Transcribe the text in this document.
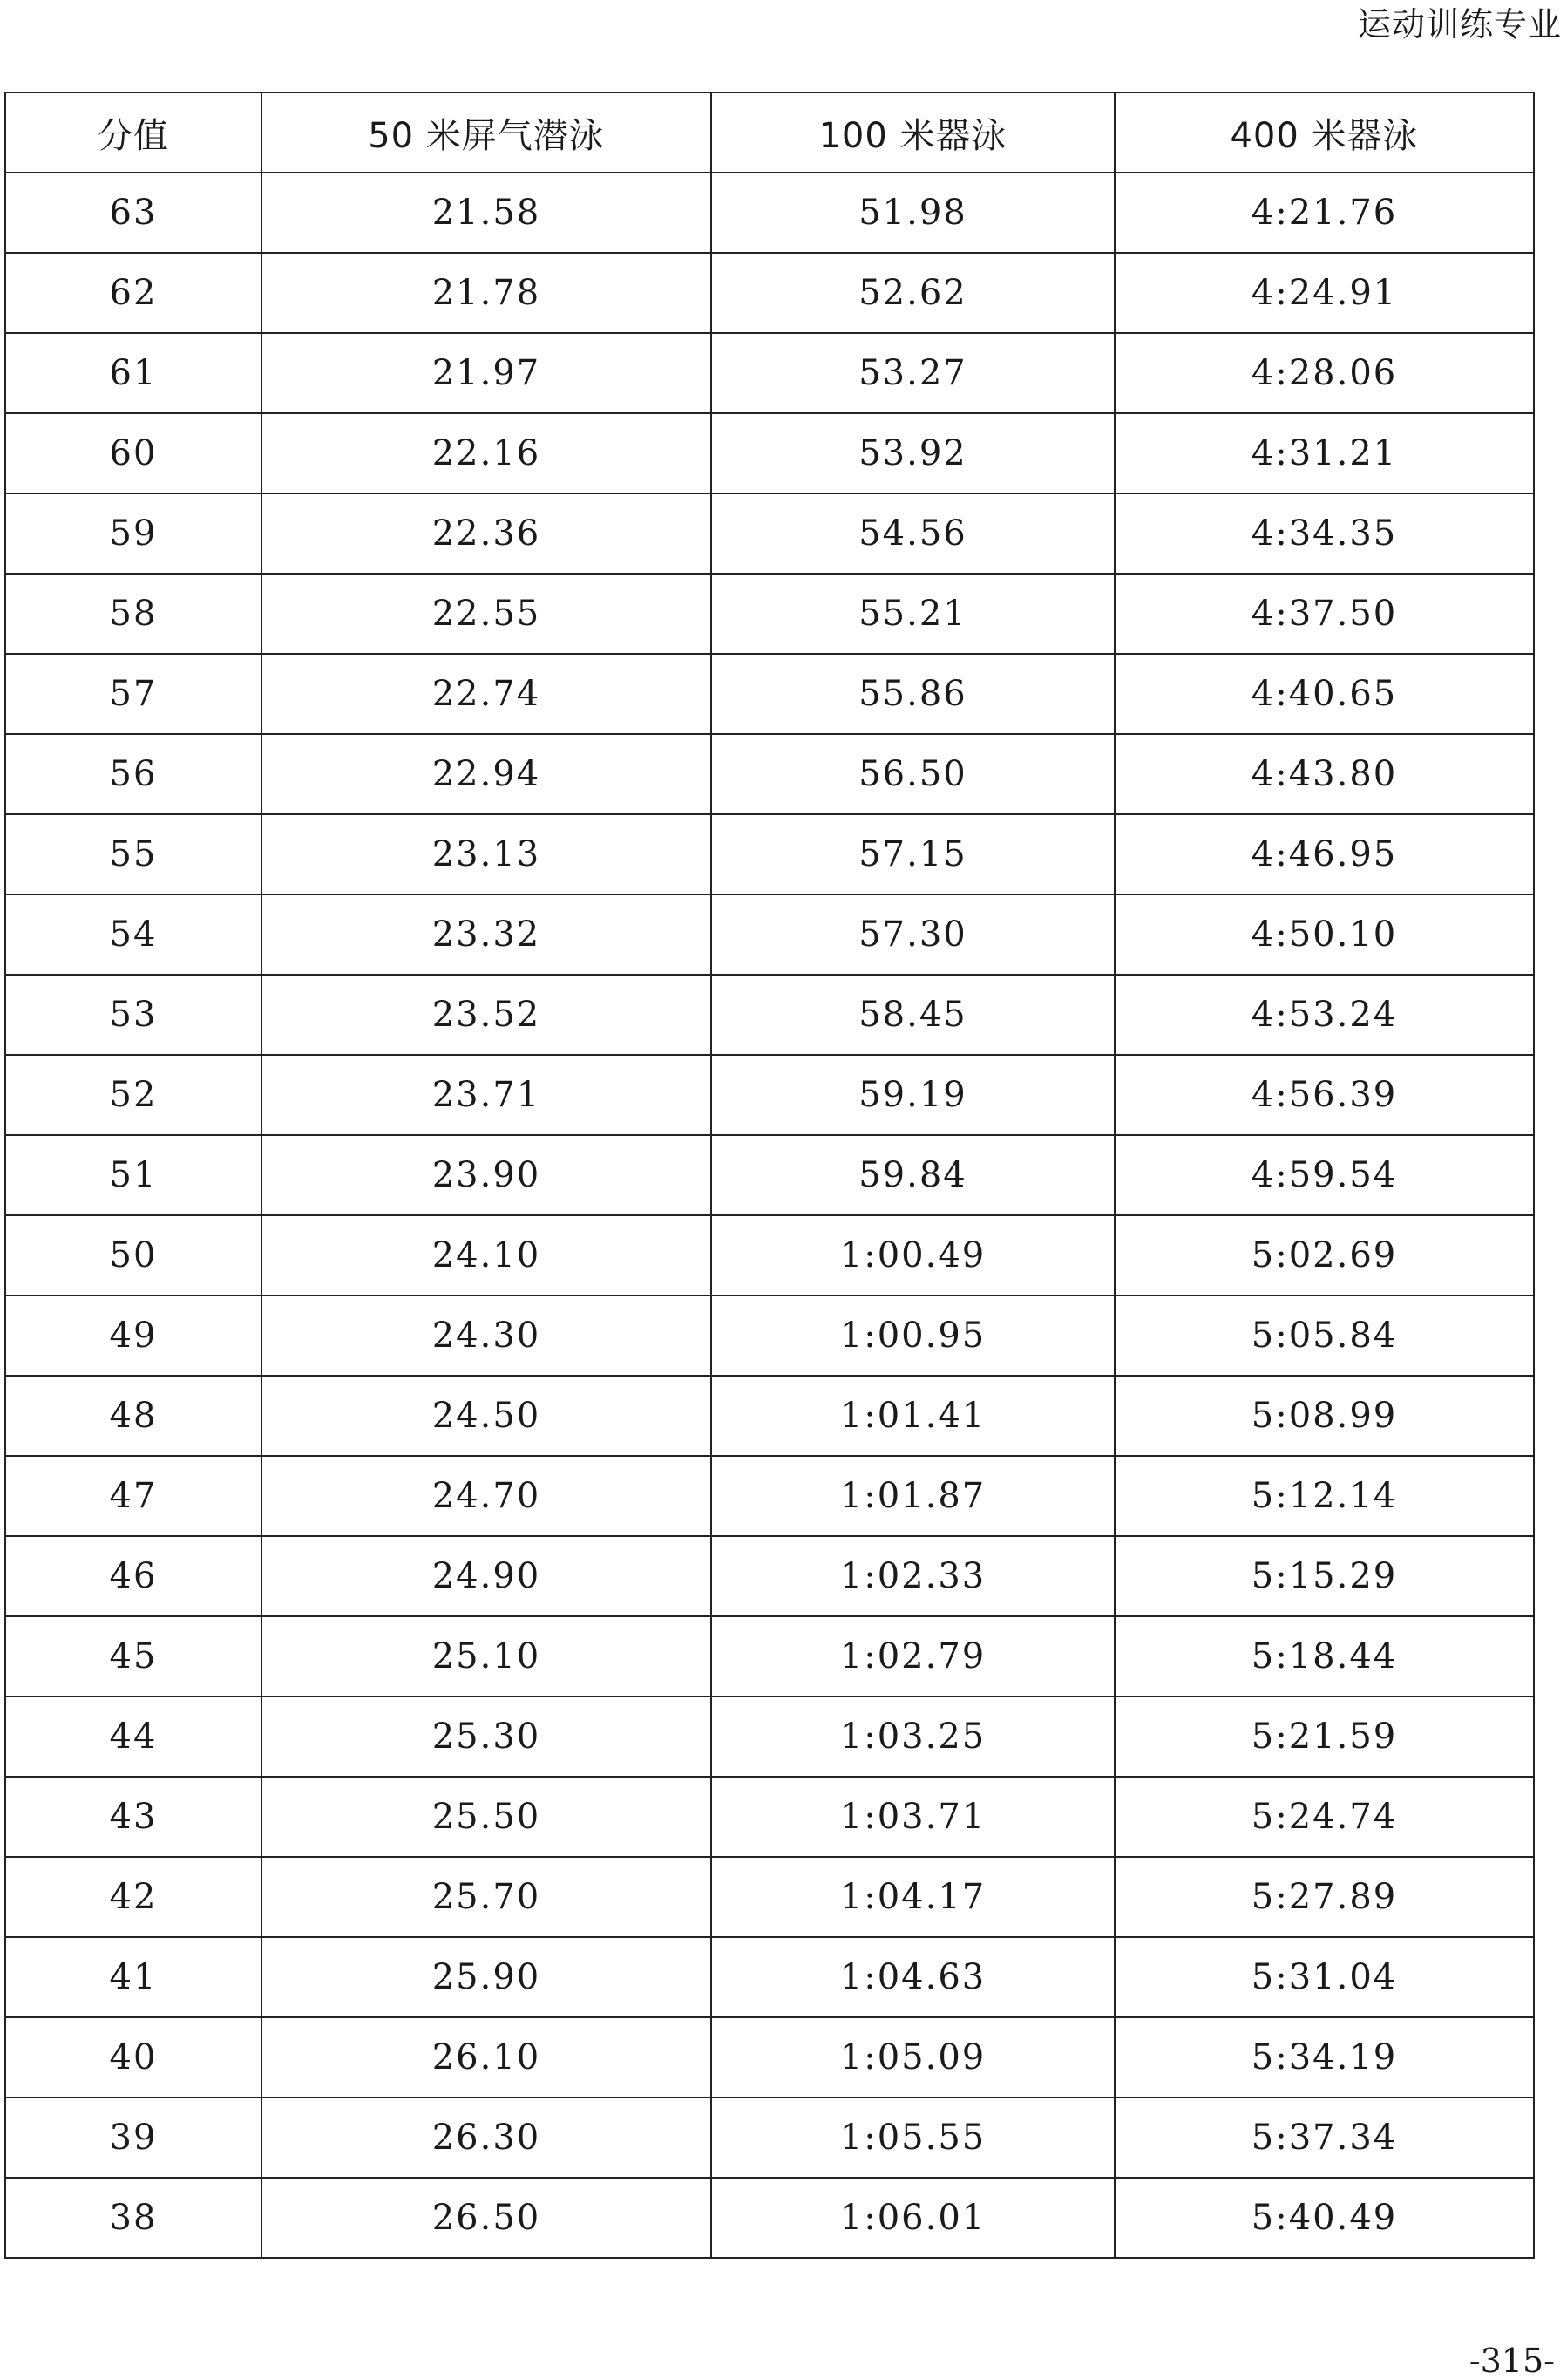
运动训练专业
分值	50 米屏气潜泳	100 米器泳	400 米器泳
63	21.58	51.98	4:21.76
62	21.78	52.62	4:24.91
61	21.97	53.27	4:28.06
60	22.16	53.92	4:31.21
59	22.36	54.56	4:34.35
58	22.55	55.21	4:37.50
57	22.74	55.86	4:40.65
56	22.94	56.50	4:43.80
55	23.13	57.15	4:46.95
54	23.32	57.30	4:50.10
53	23.52	58.45	4:53.24
52	23.71	59.19	4:56.39
51	23.90	59.84	4:59.54
50	24.10	1:00.49	5:02.69
49	24.30	1:00.95	5:05.84
48	24.50	1:01.41	5:08.99
47	24.70	1:01.87	5:12.14
46	24.90	1:02.33	5:15.29
45	25.10	1:02.79	5:18.44
44	25.30	1:03.25	5:21.59
43	25.50	1:03.71	5:24.74
42	25.70	1:04.17	5:27.89
41	25.90	1:04.63	5:31.04
40	26.10	1:05.09	5:34.19
39	26.30	1:05.55	5:37.34
38	26.50	1:06.01	5:40.49
-315-
